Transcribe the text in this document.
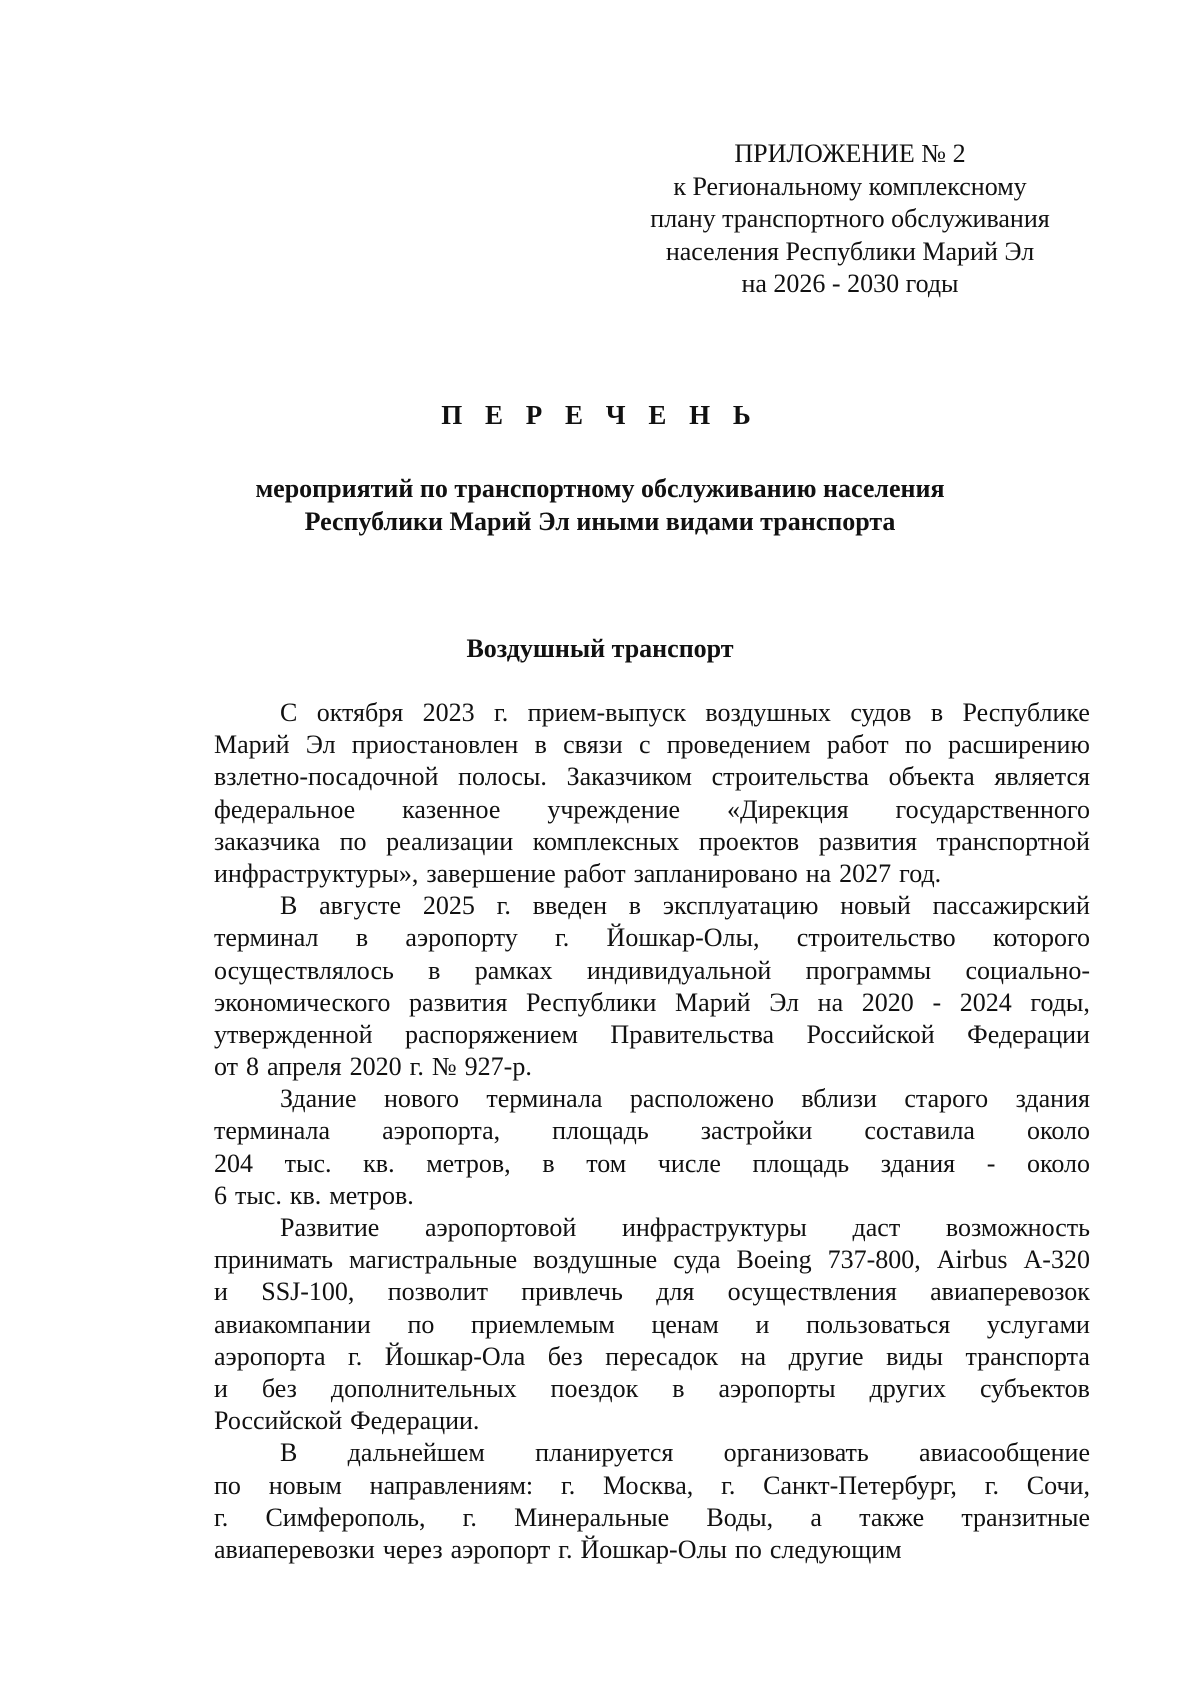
ПРИЛОЖЕНИЕ № 2
к Региональному комплексному
плану транспортного обслуживания
населения Республики Марий Эл
на 2026 - 2030 годы
П Е Р Е Ч Е Н Ь
мероприятий по транспортному обслуживанию населения
Республики Марий Эл иными видами транспорта
Воздушный транспорт
С октября 2023 г. прием-выпуск воздушных судов в Республике
Марий Эл приостановлен в связи с проведением работ по расширению
взлетно-посадочной полосы. Заказчиком строительства объекта является
федеральное казенное учреждение «Дирекция государственного
заказчика по реализации комплексных проектов развития транспортной
инфраструктуры», завершение работ запланировано на 2027 год.
В августе 2025 г. введен в эксплуатацию новый пассажирский
терминал в аэропорту г. Йошкар-Олы, строительство которого
осуществлялось в рамках индивидуальной программы социально-
экономического развития Республики Марий Эл на 2020 - 2024 годы,
утвержденной распоряжением Правительства Российской Федерации
от 8 апреля 2020 г. № 927-р.
Здание нового терминала расположено вблизи старого здания
терминала аэропорта, площадь застройки составила около
204 тыс. кв. метров, в том числе площадь здания - около
6 тыс. кв. метров.
Развитие аэропортовой инфраструктуры даст возможность
принимать магистральные воздушные суда Boeing 737-800, Airbus A-320
и SSJ-100, позволит привлечь для осуществления авиаперевозок
авиакомпании по приемлемым ценам и пользоваться услугами
аэропорта г. Йошкар-Ола без пересадок на другие виды транспорта
и без дополнительных поездок в аэропорты других субъектов
Российской Федерации.
В дальнейшем планируется организовать авиасообщение
по новым направлениям: г. Москва, г. Санкт-Петербург, г. Сочи,
г. Симферополь, г. Минеральные Воды, а также транзитные
авиаперевозки через аэропорт г. Йошкар-Олы по следующим
